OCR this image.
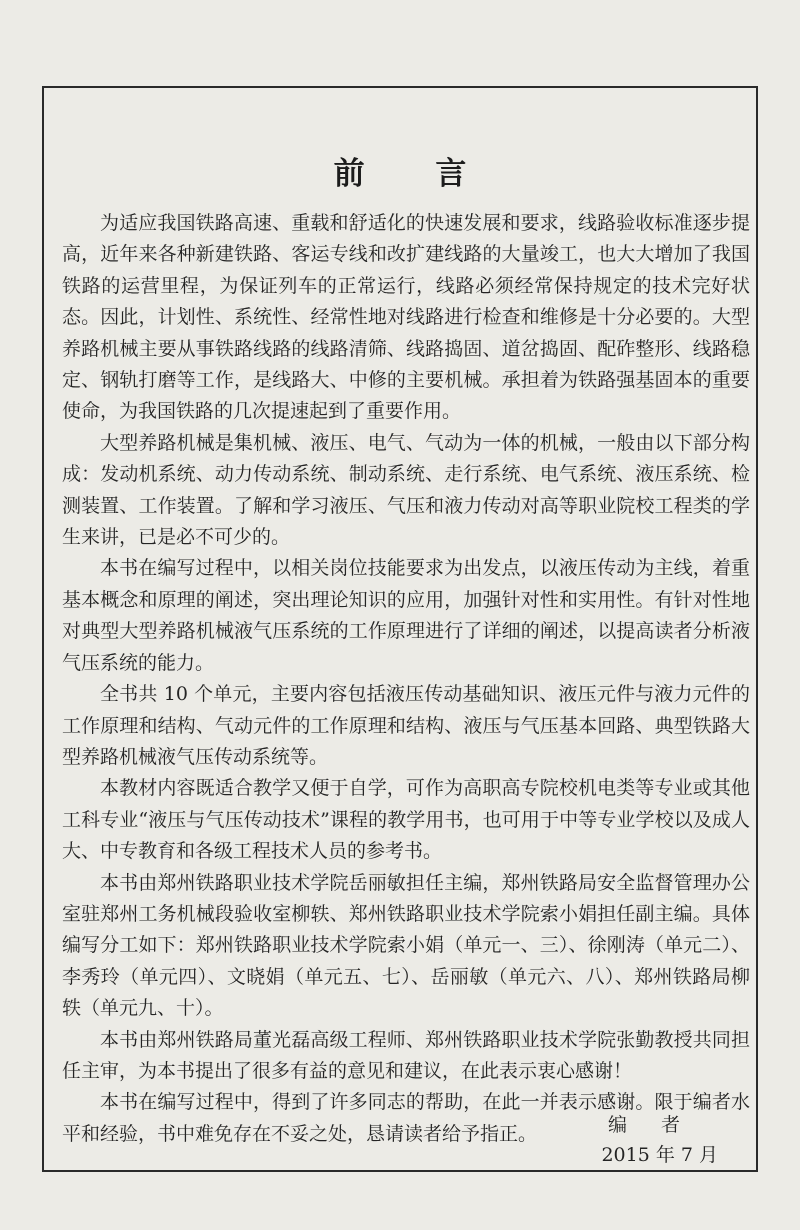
前 言

为适应我国铁路高速、重载和舒适化的快速发展和要求，线路验收标准逐步提高，近年来各种新建铁路、客运专线和改扩建线路的大量竣工，也大大增加了我国铁路的运营里程，为保证列车的正常运行，线路必须经常保持规定的技术完好状态。因此，计划性、系统性、经常性地对线路进行检查和维修是十分必要的。大型养路机械主要从事铁路线路的线路清筛、线路捣固、道岔捣固、配砟整形、线路稳定、钢轨打磨等工作，是线路大、中修的主要机械。承担着为铁路强基固本的重要使命，为我国铁路的几次提速起到了重要作用。

大型养路机械是集机械、液压、电气、气动为一体的机械，一般由以下部分构成：发动机系统、动力传动系统、制动系统、走行系统、电气系统、液压系统、检测装置、工作装置。了解和学习液压、气压和液力传动对高等职业院校工程类的学生来讲，已是必不可少的。

本书在编写过程中，以相关岗位技能要求为出发点，以液压传动为主线，着重基本概念和原理的阐述，突出理论知识的应用，加强针对性和实用性。有针对性地对典型大型养路机械液气压系统的工作原理进行了详细的阐述，以提高读者分析液气压系统的能力。

全书共 10 个单元，主要内容包括液压传动基础知识、液压元件与液力元件的工作原理和结构、气动元件的工作原理和结构、液压与气压基本回路、典型铁路大型养路机械液气压传动系统等。

本教材内容既适合教学又便于自学，可作为高职高专院校机电类等专业或其他工科专业“液压与气压传动技术”课程的教学用书，也可用于中等专业学校以及成人大、中专教育和各级工程技术人员的参考书。

本书由郑州铁路职业技术学院岳丽敏担任主编，郑州铁路局安全监督管理办公室驻郑州工务机械段验收室柳轶、郑州铁路职业技术学院索小娟担任副主编。具体编写分工如下：郑州铁路职业技术学院索小娟（单元一、三）、徐刚涛（单元二）、李秀玲（单元四）、文晓娟（单元五、七）、岳丽敏（单元六、八）、郑州铁路局柳轶（单元九、十）。

本书由郑州铁路局董光磊高级工程师、郑州铁路职业技术学院张勤教授共同担任主审，为本书提出了很多有益的意见和建议，在此表示衷心感谢！

本书在编写过程中，得到了许多同志的帮助，在此一并表示感谢。限于编者水平和经验，书中难免存在不妥之处，恳请读者给予指正。	编 者
2015 年 7 月
